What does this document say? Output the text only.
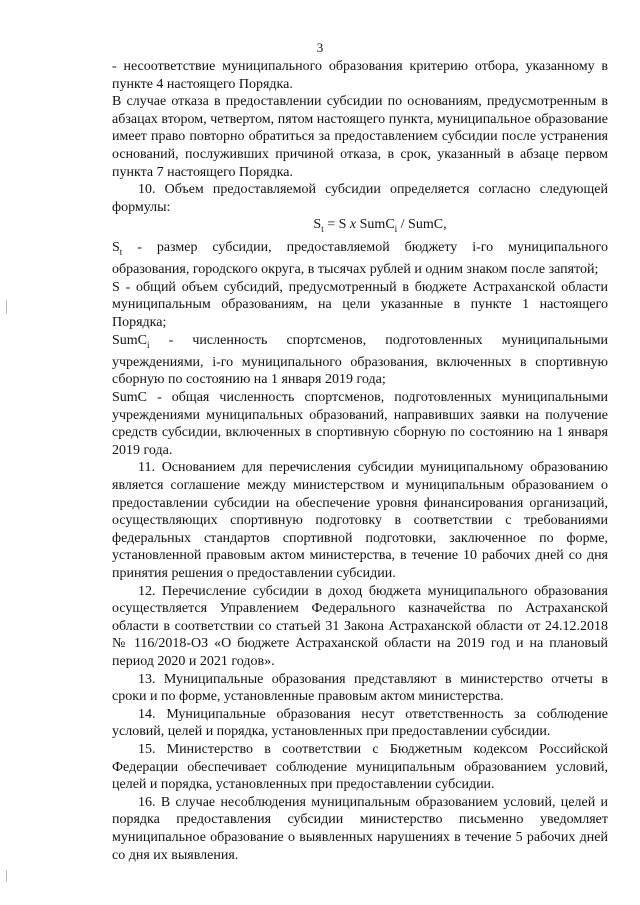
3

- несоответствие муниципального образования критерию отбора, указанному в пункте 4 настоящего Порядка.

В случае отказа в предоставлении субсидии по основаниям, предусмотренным в абзацах втором, четвертом, пятом настоящего пункта, муниципальное образование имеет право повторно обратиться за предоставлением субсидии после устранения оснований, послуживших причиной отказа, в срок, указанный в абзаце первом пункта 7 настоящего Порядка.

10. Объем предоставляемой субсидии определяется согласно следующей формулы:

$S_t = S$ x SumC$_i$ / SumC,

$S_t$ - размер субсидии, предоставляемой бюджету i-го муниципального образования, городского округа, в тысячах рублей и одним знаком после запятой;

S - общий объем субсидий, предусмотренный в бюджете Астраханской области муниципальным образованиям, на цели указанные в пункте 1 настоящего Порядка;

SumC$_i$ - численность спортсменов, подготовленных муниципальными учреждениями, i-го муниципального образования, включенных в спортивную сборную по состоянию на 1 января 2019 года;

SumC - общая численность спортсменов, подготовленных муниципальными учреждениями муниципальных образований, направивших заявки на получение средств субсидии, включенных в спортивную сборную по состоянию на 1 января 2019 года.

11. Основанием для перечисления субсидии муниципальному образованию является соглашение между министерством и муниципальным образованием о предоставлении субсидии на обеспечение уровня финансирования организаций, осуществляющих спортивную подготовку в соответствии с требованиями федеральных стандартов спортивной подготовки, заключенное по форме, установленной правовым актом министерства, в течение 10 рабочих дней со дня принятия решения о предоставлении субсидии.

12. Перечисление субсидии в доход бюджета муниципального образования осуществляется Управлением Федерального казначейства по Астраханской области в соответствии со статьей 31 Закона Астраханской области от 24.12.2018 № 116/2018-ОЗ «О бюджете Астраханской области на 2019 год и на плановый период 2020 и 2021 годов».

13. Муниципальные образования представляют в министерство отчеты в сроки и по форме, установленные правовым актом министерства.

14. Муниципальные образования несут ответственность за соблюдение условий, целей и порядка, установленных при предоставлении субсидии.

15. Министерство в соответствии с Бюджетным кодексом Российской Федерации обеспечивает соблюдение муниципальным образованием условий, целей и порядка, установленных при предоставлении субсидии.

16. В случае несоблюдения муниципальным образованием условий, целей и порядка предоставления субсидии министерство письменно уведомляет муниципальное образование о выявленных нарушениях в течение 5 рабочих дней со дня их выявления.
